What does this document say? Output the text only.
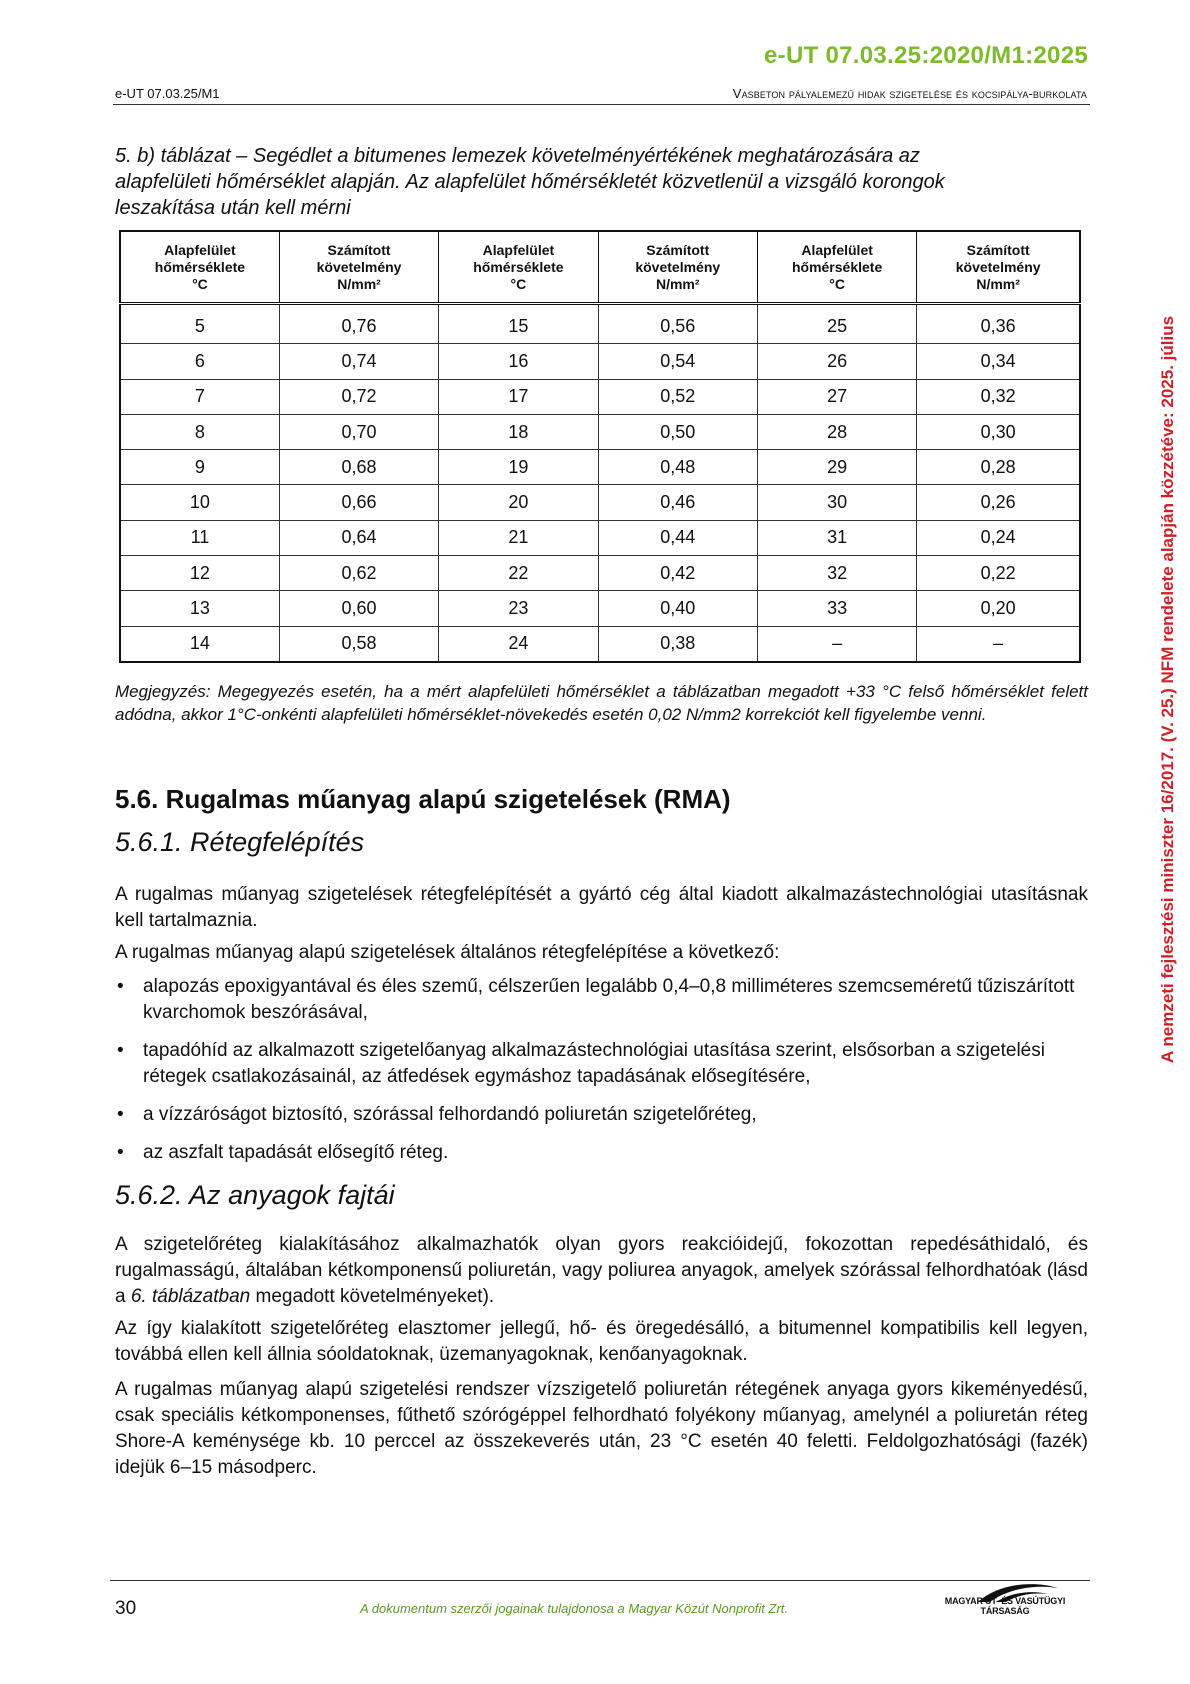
e-UT 07.03.25:2020/M1:2025
e-UT 07.03.25/M1	Vasbeton pályalemezű hidak szigetelése és kocsipálya-burkolata
A nemzeti fejlesztési miniszter 16/2017. (V. 25.) NFM rendelete alapján közzétéve: 2025. július
5. b) táblázat – Segédlet a bitumenes lemezek követelményértékének meghatározására az alapfelületi hőmérséklet alapján. Az alapfelület hőmérsékletét közvetlenül a vizsgáló korongok leszakítása után kell mérni
Alapfelület
hőmérséklete
°C	Számított
követelmény
N/mm²	Alapfelület
hőmérséklete
°C	Számított
követelmény
N/mm²	Alapfelület
hőmérséklete
°C	Számított
követelmény
N/mm²
5	0,76	15	0,56	25	0,36
6	0,74	16	0,54	26	0,34
7	0,72	17	0,52	27	0,32
8	0,70	18	0,50	28	0,30
9	0,68	19	0,48	29	0,28
10	0,66	20	0,46	30	0,26
11	0,64	21	0,44	31	0,24
12	0,62	22	0,42	32	0,22
13	0,60	23	0,40	33	0,20
14	0,58	24	0,38	–	–
Megjegyzés: Megegyezés esetén, ha a mért alapfelületi hőmérséklet a táblázatban megadott +33 °C felső hőmérséklet felett adódna, akkor 1°C-onkénti alapfelületi hőmérséklet-növekedés esetén 0,02 N/mm2 korrekciót kell figyelembe venni.
5.6. Rugalmas műanyag alapú szigetelések (RMA)
5.6.1. Rétegfelépítés
A rugalmas műanyag szigetelések rétegfelépítését a gyártó cég által kiadott alkalmazástechnológiai utasításnak kell tartalmaznia.
A rugalmas műanyag alapú szigetelések általános rétegfelépítése a következő:
• alapozás epoxigyantával és éles szemű, célszerűen legalább 0,4–0,8 milliméteres szemcseméretű tűziszárított kvarchomok beszórásával,
• tapadóhíd az alkalmazott szigetelőanyag alkalmazástechnológiai utasítása szerint, elsősorban a szigetelési rétegek csatlakozásainál, az átfedések egymáshoz tapadásának elősegítésére,
• a vízzáróságot biztosító, szórással felhordandó poliuretán szigetelőréteg,
• az aszfalt tapadását elősegítő réteg.
5.6.2. Az anyagok fajtái
A szigetelőréteg kialakításához alkalmazhatók olyan gyors reakcióidejű, fokozottan repedésáthidaló, és rugalmasságú, általában kétkomponensű poliuretán, vagy poliurea anyagok, amelyek szórással felhordhatóak (lásd a 6. táblázatban megadott követelményeket).
Az így kialakított szigetelőréteg elasztomer jellegű, hő- és öregedésálló, a bitumennel kompatibilis kell legyen, továbbá ellen kell állnia sóoldatoknak, üzemanyagoknak, kenőanyagoknak.
A rugalmas műanyag alapú szigetelési rendszer vízszigetelő poliuretán rétegének anyaga gyors kikeményedésű, csak speciális kétkomponenses, fűthető szórógéppel felhordható folyékony műanyag, amelynél a poliuretán réteg Shore-A keménysége kb. 10 perccel az összekeverés után, 23 °C esetén 40 feletti. Feldolgozhatósági (fazék) idejük 6–15 másodperc.
30	A dokumentum szerzői jogainak tulajdonosa a Magyar Közút Nonprofit Zrt.	MAGYAR ÚT- ÉS VASÚTÜGYI TÁRSASÁG
